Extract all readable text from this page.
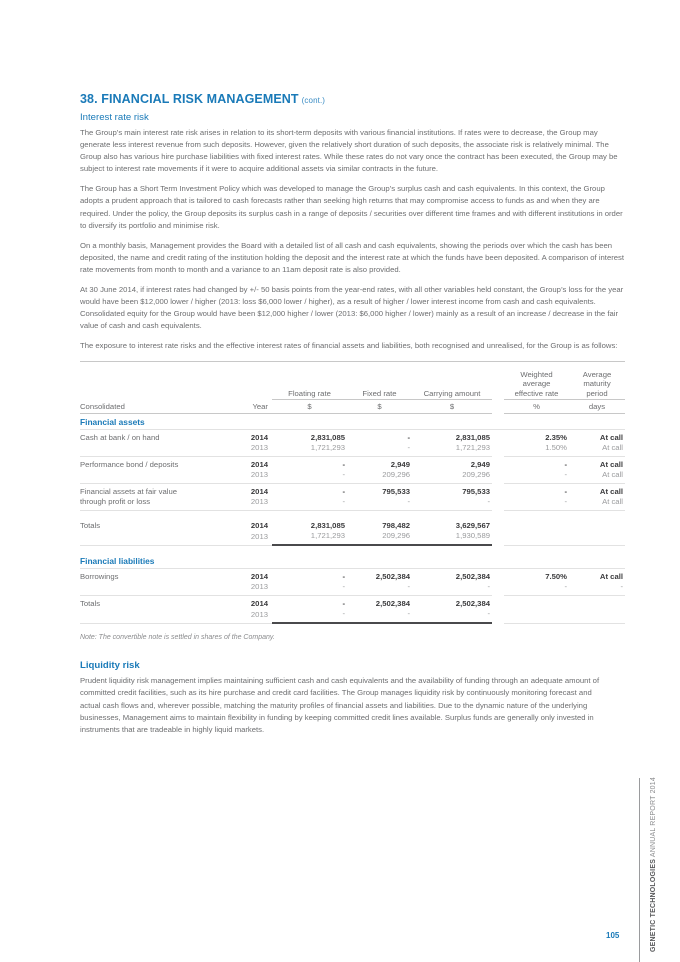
38. FINANCIAL RISK MANAGEMENT (cont.)
Interest rate risk

The Group’s main interest rate risk arises in relation to its short-term deposits with various financial institutions. If rates were to decrease, the Group may generate less interest revenue from such deposits. However, given the relatively short duration of such deposits, the associate risk is relatively minimal. The Group also has various hire purchase liabilities with fixed interest rates. While these rates do not vary once the contract has been executed, the Group may be subject to interest rate movements if it were to acquire additional assets via similar contracts in the future.

The Group has a Short Term Investment Policy which was developed to manage the Group’s surplus cash and cash equivalents. In this context, the Group adopts a prudent approach that is tailored to cash forecasts rather than seeking high returns that may compromise access to funds as and when they are required. Under the policy, the Group deposits its surplus cash in a range of deposits / securities over different time frames and with different institutions in order to diversify its portfolio and minimise risk.

On a monthly basis, Management provides the Board with a detailed list of all cash and cash equivalents, showing the periods over which the cash has been deposited, the name and credit rating of the institution holding the deposit and the interest rate at which the funds have been deposited. A comparison of interest rate movements from month to month and a variance to an 11am deposit rate is also provided.

At 30 June 2014, if interest rates had changed by +/- 50 basis points from the year-end rates, with all other variables held constant, the Group’s loss for the year would have been $12,000 lower / higher (2013: loss $6,000 lower / higher), as a result of higher / lower interest income from cash and cash equivalents. Consolidated equity for the Group would have been $12,000 higher / lower (2013: $6,000 higher / lower) mainly as a result of an increase / decrease in the fair value of cash and cash equivalents.

The exposure to interest rate risks and the effective interest rates of financial assets and liabilities, both recognised and unrealised, for the Group is as follows:

		Floating rate	Fixed rate	Carrying amount		
Weighted
average
effective rate

Average
maturity
period

Consolidated	Year	$	$	$		%	days
Financial assets							
Cash at bank / on hand	2014	2,831,085	-	2,831,085		2.35%	At call
	2013	1,721,293	-	1,721,293		1.50%	At call
Performance bond / deposits	2014	-	2,949	2,949		-	At call
	2013	-	209,296	209,296		-	At call
Financial assets at fair value	2014	-	795,533	795,533		-	At call
through profit or loss	2013	-	-	-		-	At call

Totals	2014	2,831,085	798,482	3,629,567			
	2013	1,721,293	209,296	1,930,589			

Financial liabilities							
Borrowings	2014	-	2,502,384	2,502,384		7.50%	At call
	2013	-	-	-		-	-
Totals	2014	-	2,502,384	2,502,384			
	2013	-	-	-			

Note: The convertible note is settled in shares of the Company.

Liquidity risk

Prudent liquidity risk management implies maintaining sufficient cash and cash equivalents and the availability of funding through an adequate amount of committed credit facilities, such as its hire purchase and credit card facilities. The Group manages liquidity risk by continuously monitoring forecast and actual cash flows and, wherever possible, matching the maturity profiles of financial assets and liabilities. Due to the dynamic nature of the underlying businesses, Management aims to maintain flexibility in funding by keeping committed credit lines available. Surplus funds are generally only invested in instruments that are tradeable in highly liquid markets.

GENETIC TECHNOLOGIES ANNUAL REPORT 2014
105
